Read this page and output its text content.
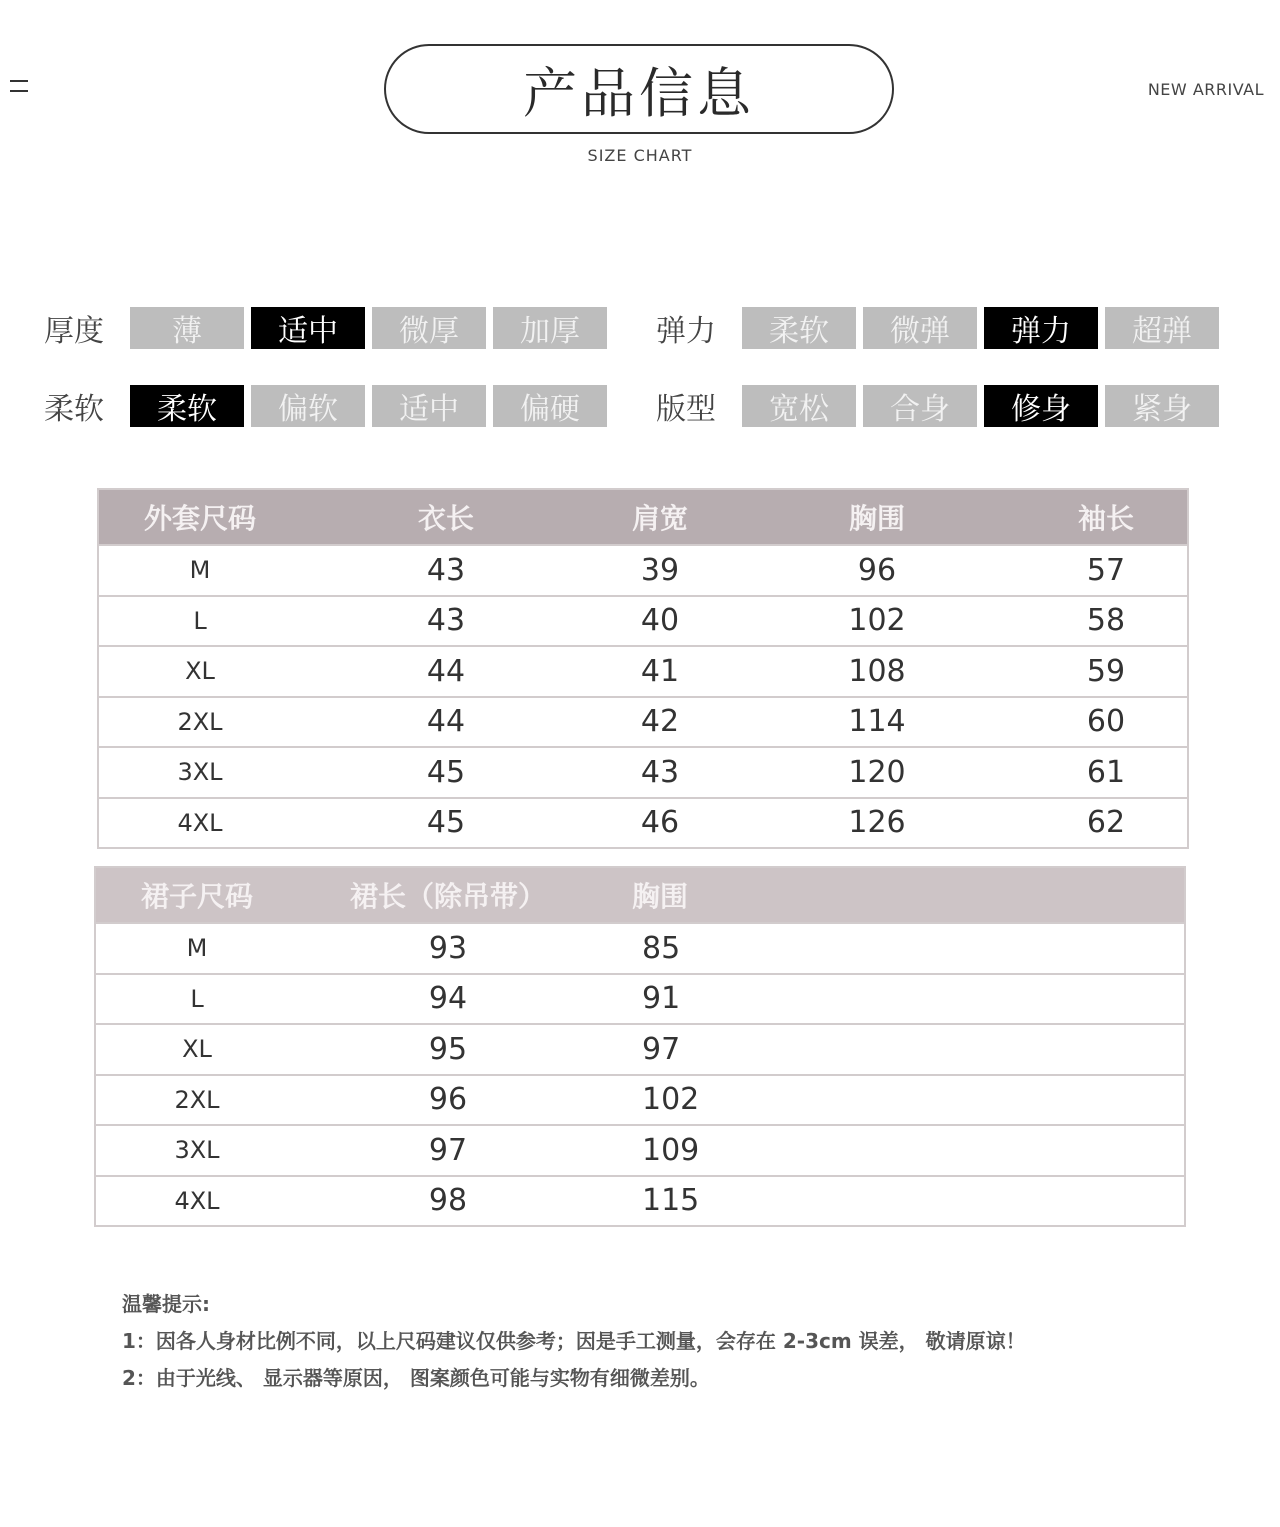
产品信息
SIZE CHART
NEW ARRIVAL
厚度	薄	适中	微厚	加厚	弹力	柔软	微弹	弹力	超弹
柔软	柔软	偏软	适中	偏硬	版型	宽松	合身	修身	紧身
外套尺码	衣长	肩宽	胸围	袖长
M	43	39	96	57
L	43	40	102	58
XL	44	41	108	59
2XL	44	42	114	60
3XL	45	43	120	61
4XL	45	46	126	62
裙子尺码	裙长（除吊带）	胸围
M	93	85
L	94	91
XL	95	97
2XL	96	102
3XL	97	109
4XL	98	115
温馨提示:
1：因各人身材比例不同，以上尺码建议仅供参考；因是手工测量，会存在 2-3cm 误差， 敬请原谅！
2：由于光线、 显示器等原因， 图案颜色可能与实物有细微差别。
